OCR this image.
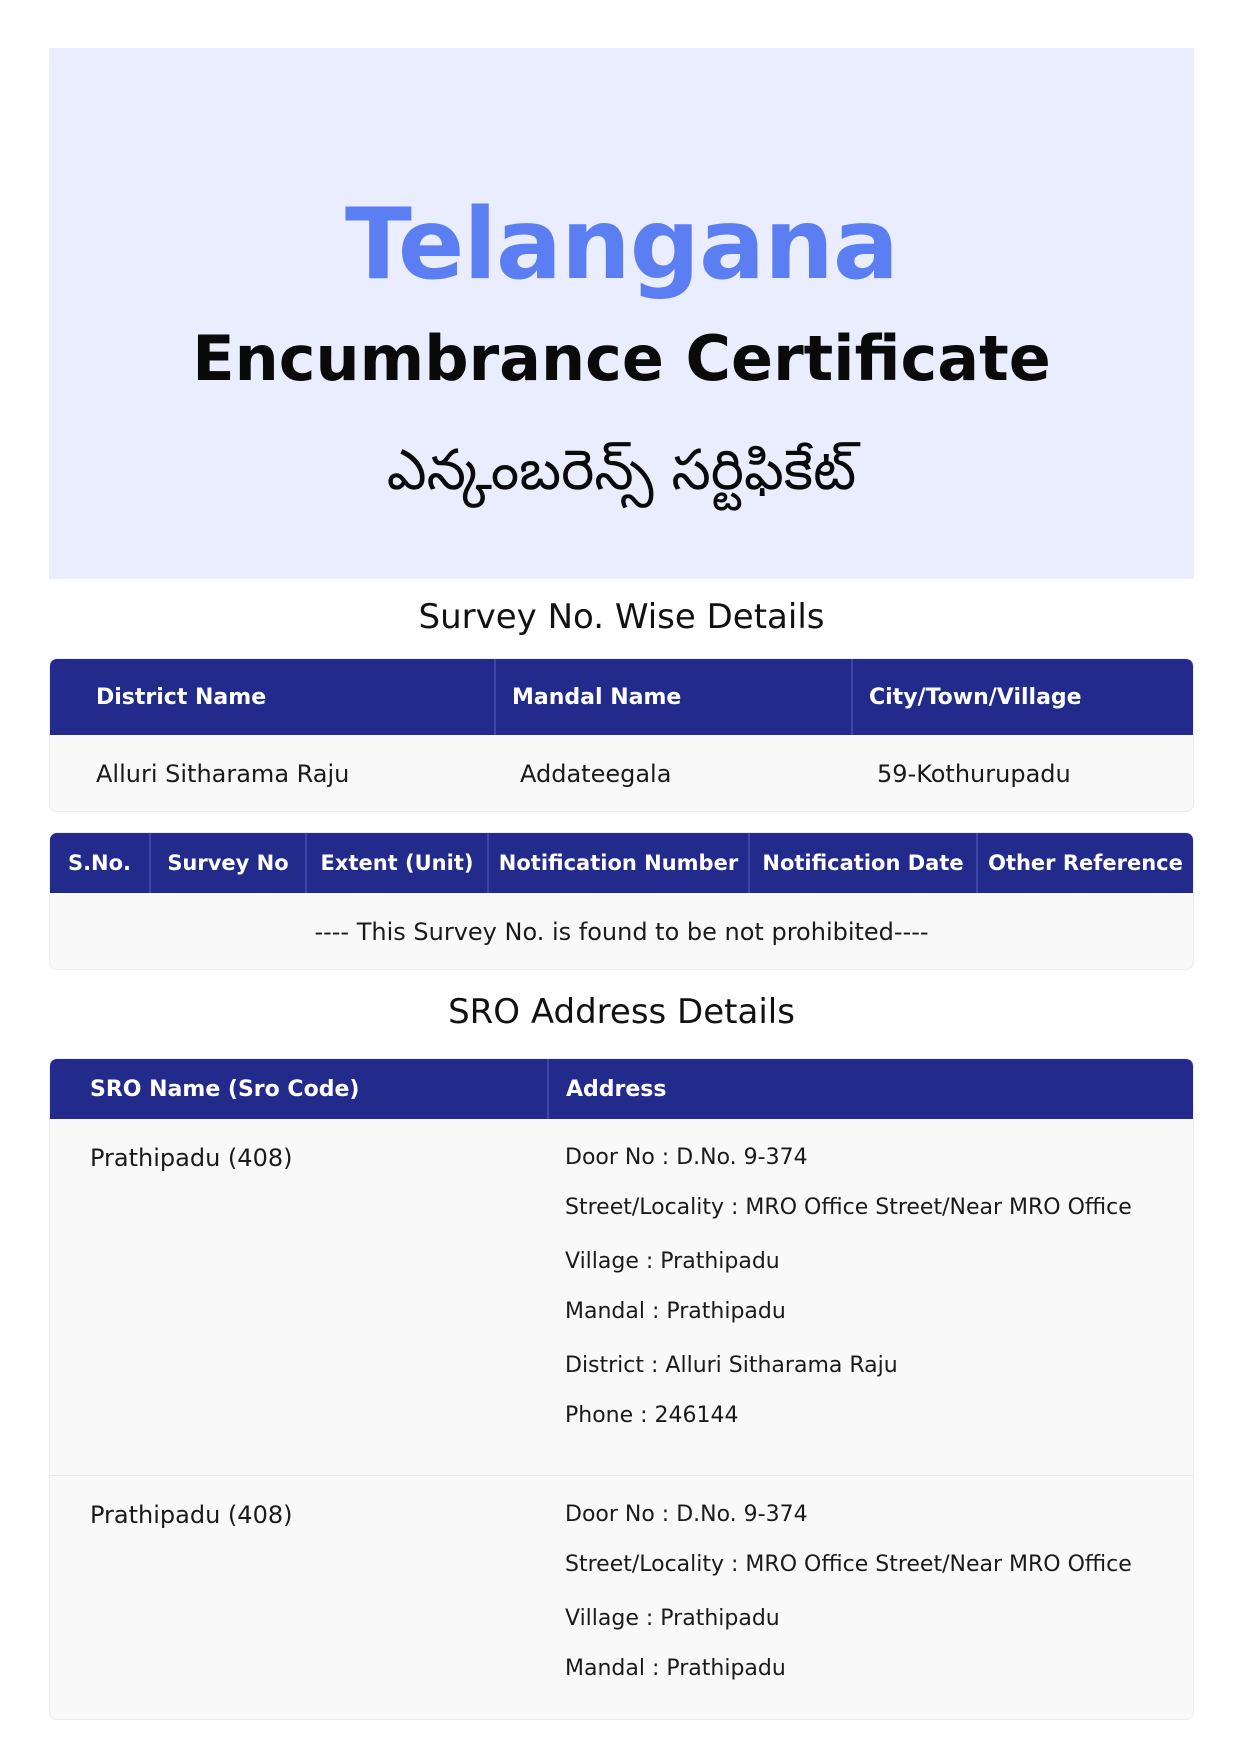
Telangana
Encumbrance Certificate
ఎన్కంబరెన్స్ సర్టిఫికేట్
Survey No. Wise Details
District Name	Mandal Name	City/Town/Village
Alluri Sitharama Raju	Addateegala	59-Kothurupadu
S.No.	Survey No	Extent (Unit)	Notification Number	Notification Date	Other Reference
---- This Survey No. is found to be not prohibited----
SRO Address Details
SRO Name (Sro Code)	Address
Prathipadu (408)	Door No : D.No. 9-374
Street/Locality : MRO Office Street/Near MRO Office
Village : Prathipadu
Mandal : Prathipadu
District : Alluri Sitharama Raju
Phone : 246144
Prathipadu (408)	Door No : D.No. 9-374
Street/Locality : MRO Office Street/Near MRO Office
Village : Prathipadu
Mandal : Prathipadu
